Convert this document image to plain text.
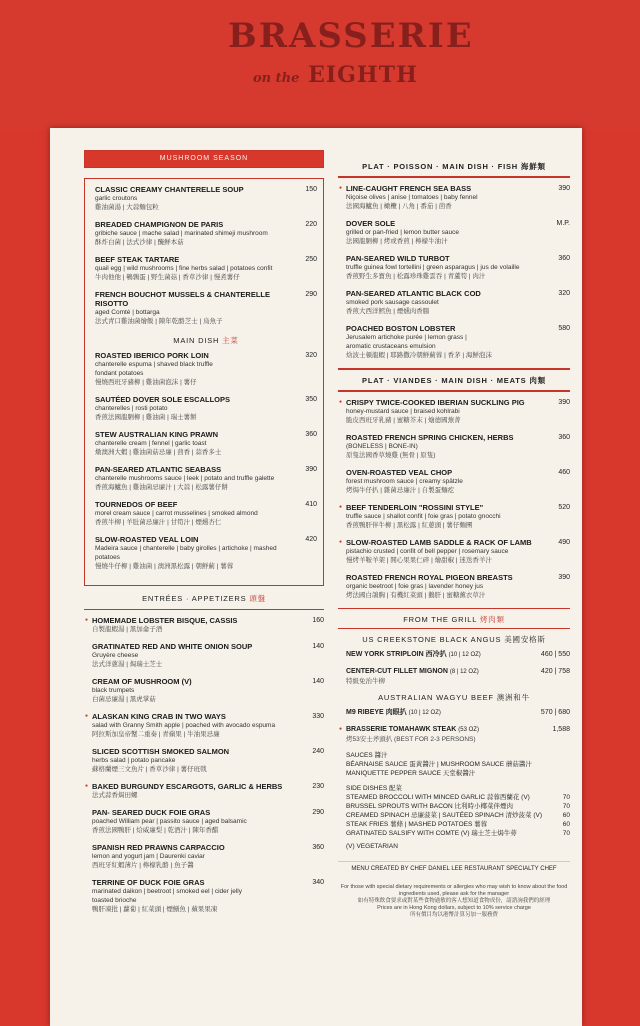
BRASSERIE
on the EIGHTH
MUSHROOM SEASON
CLASSIC CREAMY CHANTERELLE SOUP
garlic croutons
雞油菌湯 | 大蒜麵包粒
150
BREADED CHAMPIGNON DE PARIS
gribiche sauce | mache salad | marinated shimeji mushroom
酥炸白菌 | 法式沙律 | 醃鮮本菇
220
BEEF STEAK TARTARE
quail egg | wild mushrooms | fine herbs salad | potatoes confit
牛肉他他 | 鵪鶉蛋 | 野生菌菇 | 香草沙律 | 慢煮薯仔
250
FRENCH BOUCHOT MUSSELS & CHANTERELLE RISOTTO
aged Comté | bottarga
法式青口雞油菌燴飯 | 陳年乾酪芝士 | 烏魚子
290
MAIN DISH 主菜
ROASTED IBERICO PORK LOIN
chanterelle espuma | shaved black truffle
fondant potatoes
慢燒西班牙豬柳 | 雞油菌泡沫 | 薯仔
320
SAUTÉED DOVER SOLE ESCALLOPS
chanterelles | rosti potato
香煎法國龍脷柳 | 雞油菌 | 瑞士薯餅
350
STEW AUSTRALIAN KING PRAWN
chanterelle cream | fennel | garlic toast
燉澳洲大蝦 | 雞油菌菇忌廉 | 茴香 | 蒜香多士
360
PAN-SEARED ATLANTIC SEABASS
chanterelle mushrooms sauce | leek | potato and truffle galette
香煎海鱸魚 | 雞油菌忌廉汁 | 大蒜 | 松露薯仔餅
390
TOURNEDOS OF BEEF
morel cream sauce | carrot musselines | smoked almond
香煎牛柳 | 羊肚菌忌廉汁 | 甘筍汁 | 煙燻杏仁
410
SLOW-ROASTED VEAL LOIN
Madeira sauce | chanterelle | baby girolles | artichoke | mashed potatoes
慢燒牛仔柳 | 雞油菌 | 澳洲黑松露 | 朝鮮薊 | 薯蓉
420
ENTRÉES · APPETIZERS 頭盤
● HOMEMADE LOBSTER BISQUE, CASSIS
自製龍蝦湯 | 黑加侖子酒
160
GRATINATED RED AND WHITE ONION SOUP
Gruyère cheese
法式洋蔥湯 | 焗瑞士芝士
140
CREAM OF MUSHROOM (V)
black trumpets
白菌忌廉湯 | 黑虎掌菇
140
● ALASKAN KING CRAB IN TWO WAYS
salad with Granny Smith apple | poached with avocado espuma
阿拉斯加皇帝蟹二重奏 | 青蘋果 | 牛油果忌廉
330
SLICED SCOTTISH SMOKED SALMON
herbs salad | potato pancake
蘇格蘭煙三文魚片 | 香草沙律 | 薯仔班戟
240
● BAKED BURGUNDY ESCARGOTS, GARLIC & HERBS
法式蒜香焗田螺
230
PAN- SEARED DUCK FOIE GRAS
poached William pear | passito sauce | aged balsamic
香煎法國鴨肝 | 烚威廉梨 | 乾酒汁 | 陳年香醋
290
SPANISH RED PRAWNS CARPACCIO
lemon and yogurt jam | Daurenki caviar
西班牙紅蝦薄片 | 檸檬乳酪 | 魚子醬
360
TERRINE OF DUCK FOIE GRAS
marinated daikon | beetroot | smoked eel | cider jelly
toasted brioche
鴨肝凍批 | 蘿蔔 | 紅菜頭 | 煙鱔魚 | 蘋果果凍
340
PLAT · POISSON · MAIN DISH · FISH 海鮮類
● LINE-CAUGHT FRENCH SEA BASS
Niçoise olives | anise | tomatoes | baby fennel
法國海鱸魚 | 橄欖 | 八角 | 番茄 | 茴香
390
DOVER SOLE
grilled or pan-fried | lemon butter sauce
法國龍脷柳 | 烤或香煎 | 檸檬牛油汁
M.P.
PAN-SEARED WILD TURBOT
truffle guinea fowl tortellini | green asparagus | jus de volaille
香煎野生多寶魚 | 松露珍珠雞雲吞 | 青蘆筍 | 肉汁
360
PAN-SEARED ATLANTIC BLACK COD
smoked pork sausage cassoulet
香煎大西洋鱈魚 | 煙燻肉香腸
320
POACHED BOSTON LOBSTER
Jerusalem artichoke purée | lemon grass |
aromatic crustaceans emulsion
焓波士頓龍蝦 | 耶路撒冷朝鮮薊蓉 | 香茅 | 海鮮泡沫
580
PLAT · VIANDES · MAIN DISH · MEATS 肉類
● CRISPY TWICE-COOKED IBERIAN SUCKLING PIG
honey-mustard sauce | braised kohlrabi
脆皮西班牙乳豬 | 蜜糖芥末 | 燴德國蕪菁
390
ROASTED FRENCH SPRING CHICKEN, HERBS
(BONELESS | BONE-IN)
原隻法國香草燒雞 (無骨 | 原隻)
360
OVEN-ROASTED VEAL CHOP
forest mushroom sauce | creamy spätzle
烤焗牛仔扒 | 雜菌忌廉汁 | 自製蛋麵疙
460
● BEEF TENDERLOIN "ROSSINI STYLE"
truffle sauce | shallot confit | foie gras | potato gnocchi
香煎鴨肝伴牛柳 | 黑松露 | 紅蔥頭 | 薯仔麵團
520
● SLOW-ROASTED LAMB SADDLE & RACK OF LAMB
pistachio crusted | confit of bell pepper | rosemary sauce
慢烤羊鞍羊架 | 開心果果仁碎 | 燴甜椒 | 迷迭香羊汁
490
ROASTED FRENCH ROYAL PIGEON BREASTS
organic beetroot | foie gras | lavender honey jus
烤法國白鴿胸 | 有機紅菜頭 | 鵝肝 | 蜜糖薰衣草汁
390
FROM THE GRILL 烤肉類
US CREEKSTONE BLACK ANGUS 美國安格斯
NEW YORK STRIPLOIN 西冷扒 (10 | 12 OZ)	460 | 550
CENTER-CUT FILLET MIGNON (8 | 12 OZ)
特級免治牛柳
420 | 758
AUSTRALIAN WAGYU BEEF 澳洲和牛
M9 RIBEYE 肉眼扒 (10 | 12 OZ)	570 | 680
● BRASSERIE TOMAHAWK STEAK (53 OZ)
烤53安士斧頭扒 (BEST FOR 2-3 PERSONS)
1,588
SAUCES 醬汁
BÉARNAISE SAUCE 蛋黃醬汁 | MUSHROOM SAUCE 蘑菇醬汁
MANIQUETTE PEPPER SAUCE 天堂椒醬汁
SIDE DISHES 配菜
STEAMED BROCCOLI WITH MINCED GARLIC 蒜蓉西蘭花 (V)	70
BRUSSEL SPROUTS WITH BACON 比利時小椰菜伴煙肉	70
CREAMED SPINACH 忌廉菠菜 | SAUTÉED SPINACH 清炒菠菜 (V)	60
STEAK FRIES 薯條 | MASHED POTATOES 薯蓉	60
GRATINATED SALSIFY WITH COMTE (V) 瑞士芝士焗牛蒡	70
(V) VEGETARIAN
MENU CREATED BY CHEF DANIEL LEE RESTAURANT SPECIALTY CHEF
For those with special dietary requirements or allergies who may wish to know about the food ingredients used, please ask for the manager
如有特殊飲食要求或對某些食物過敏的客人想知道食物成份，請諮詢我們的經理
Prices are in Hong Kong dollars, subject to 10% service charge
所有價目均以港幣計算另加一服務費
